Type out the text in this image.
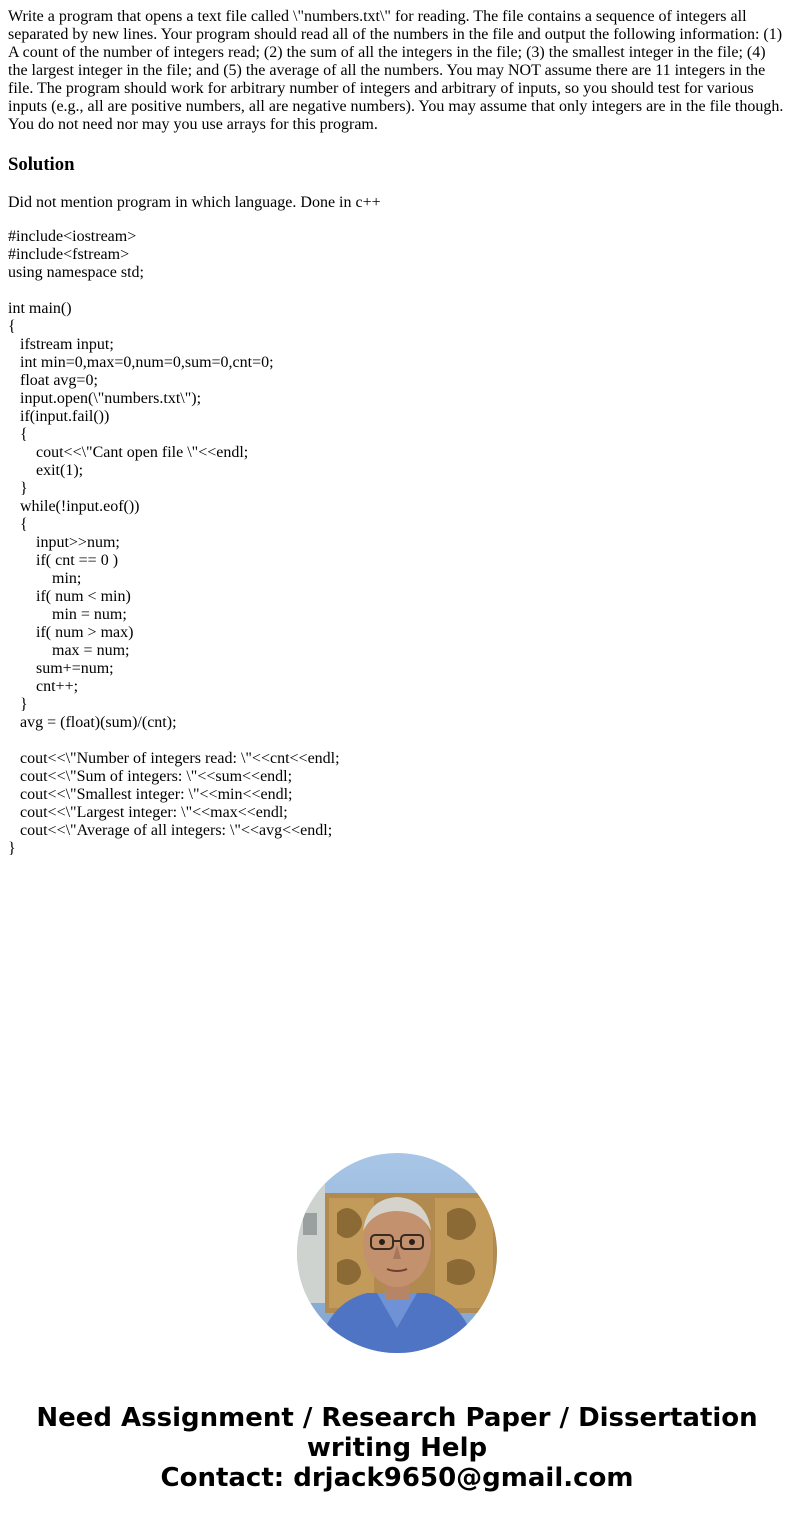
Write a program that opens a text file called \"numbers.txt\" for reading. The file contains a sequence of integers all separated by new lines. Your program should read all of the numbers in the file and output the following information: (1) A count of the number of integers read; (2) the sum of all the integers in the file; (3) the smallest integer in the file; (4) the largest integer in the file; and (5) the average of all the numbers. You may NOT assume there are 11 integers in the file. The program should work for arbitrary number of integers and arbitrary of inputs, so you should test for various inputs (e.g., all are positive numbers, all are negative numbers). You may assume that only integers are in the file though. You do not need nor may you use arrays for this program.

Solution

Did not mention program in which language. Done in c++

#include<iostream>
#include<fstream>
using namespace std;
int main()
{
ifstream input;
int min=0,max=0,num=0,sum=0,cnt=0;
float avg=0;
input.open(\"numbers.txt\");
if(input.fail())
{
cout<<\"Cant open file \"<<endl;
exit(1);
}
while(!input.eof())
{
input>>num;
if( cnt == 0 )
min;
if( num < min)
min = num;
if( num > max)
max = num;
sum+=num;
cnt++;
}
avg = (float)(sum)/(cnt);
cout<<\"Number of integers read: \"<<cnt<<endl;
cout<<\"Sum of integers: \"<<sum<<endl;
cout<<\"Smallest integer: \"<<min<<endl;
cout<<\"Largest integer: \"<<max<<endl;
cout<<\"Average of all integers: \"<<avg<<endl;
}
Need Assignment / Research Paper / Dissertation
writing Help
Contact: drjack9650@gmail.com
